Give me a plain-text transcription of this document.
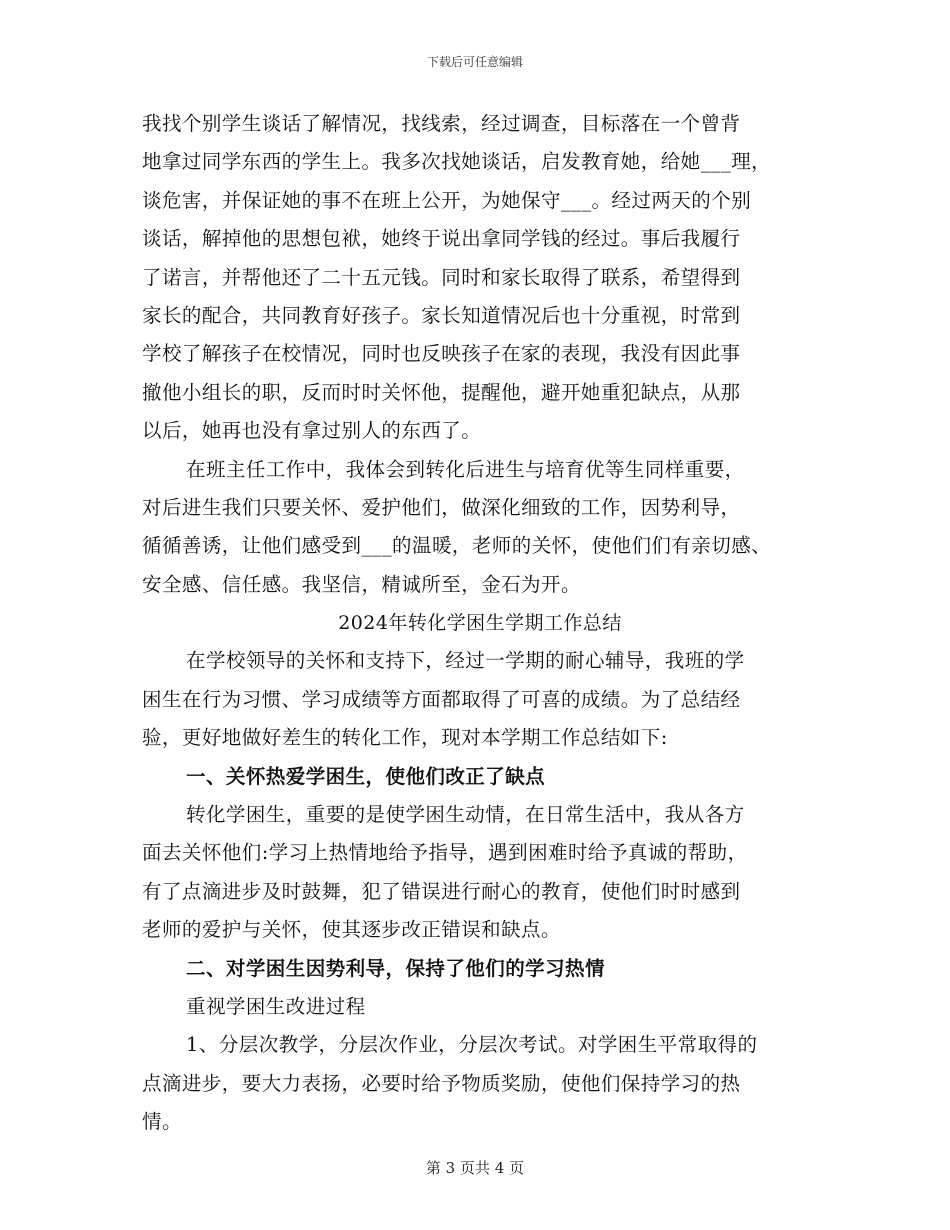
下载后可任意编辑
我找个别学生谈话了解情况，找线索，经过调查，目标落在一个曾背
地拿过同学东西的学生上。我多次找她谈话，启发教育她，给她___理，
谈危害，并保证她的事不在班上公开，为她保守___。经过两天的个别
谈话，解掉他的思想包袱，她终于说出拿同学钱的经过。事后我履行
了诺言，并帮他还了二十五元钱。同时和家长取得了联系，希望得到
家长的配合，共同教育好孩子。家长知道情况后也十分重视，时常到
学校了解孩子在校情况，同时也反映孩子在家的表现，我没有因此事
撤他小组长的职，反而时时关怀他，提醒他，避开她重犯缺点，从那
以后，她再也没有拿过别人的东西了。
在班主任工作中，我体会到转化后进生与培育优等生同样重要，
对后进生我们只要关怀、爱护他们，做深化细致的工作，因势利导，
循循善诱，让他们感受到___的温暖，老师的关怀，使他们们有亲切感、
安全感、信任感。我坚信，精诚所至，金石为开。
2024年转化学困生学期工作总结
在学校领导的关怀和支持下，经过一学期的耐心辅导，我班的学
困生在行为习惯、学习成绩等方面都取得了可喜的成绩。为了总结经
验，更好地做好差生的转化工作，现对本学期工作总结如下:
一、关怀热爱学困生，使他们改正了缺点
转化学困生，重要的是使学困生动情，在日常生活中，我从各方
面去关怀他们:学习上热情地给予指导，遇到困难时给予真诚的帮助，
有了点滴进步及时鼓舞，犯了错误进行耐心的教育，使他们时时感到
老师的爱护与关怀，使其逐步改正错误和缺点。
二、对学困生因势利导，保持了他们的学习热情
重视学困生改进过程
1、分层次教学，分层次作业，分层次考试。对学困生平常取得的
点滴进步，要大力表扬，必要时给予物质奖励，使他们保持学习的热
情。
第 3 页共 4 页
